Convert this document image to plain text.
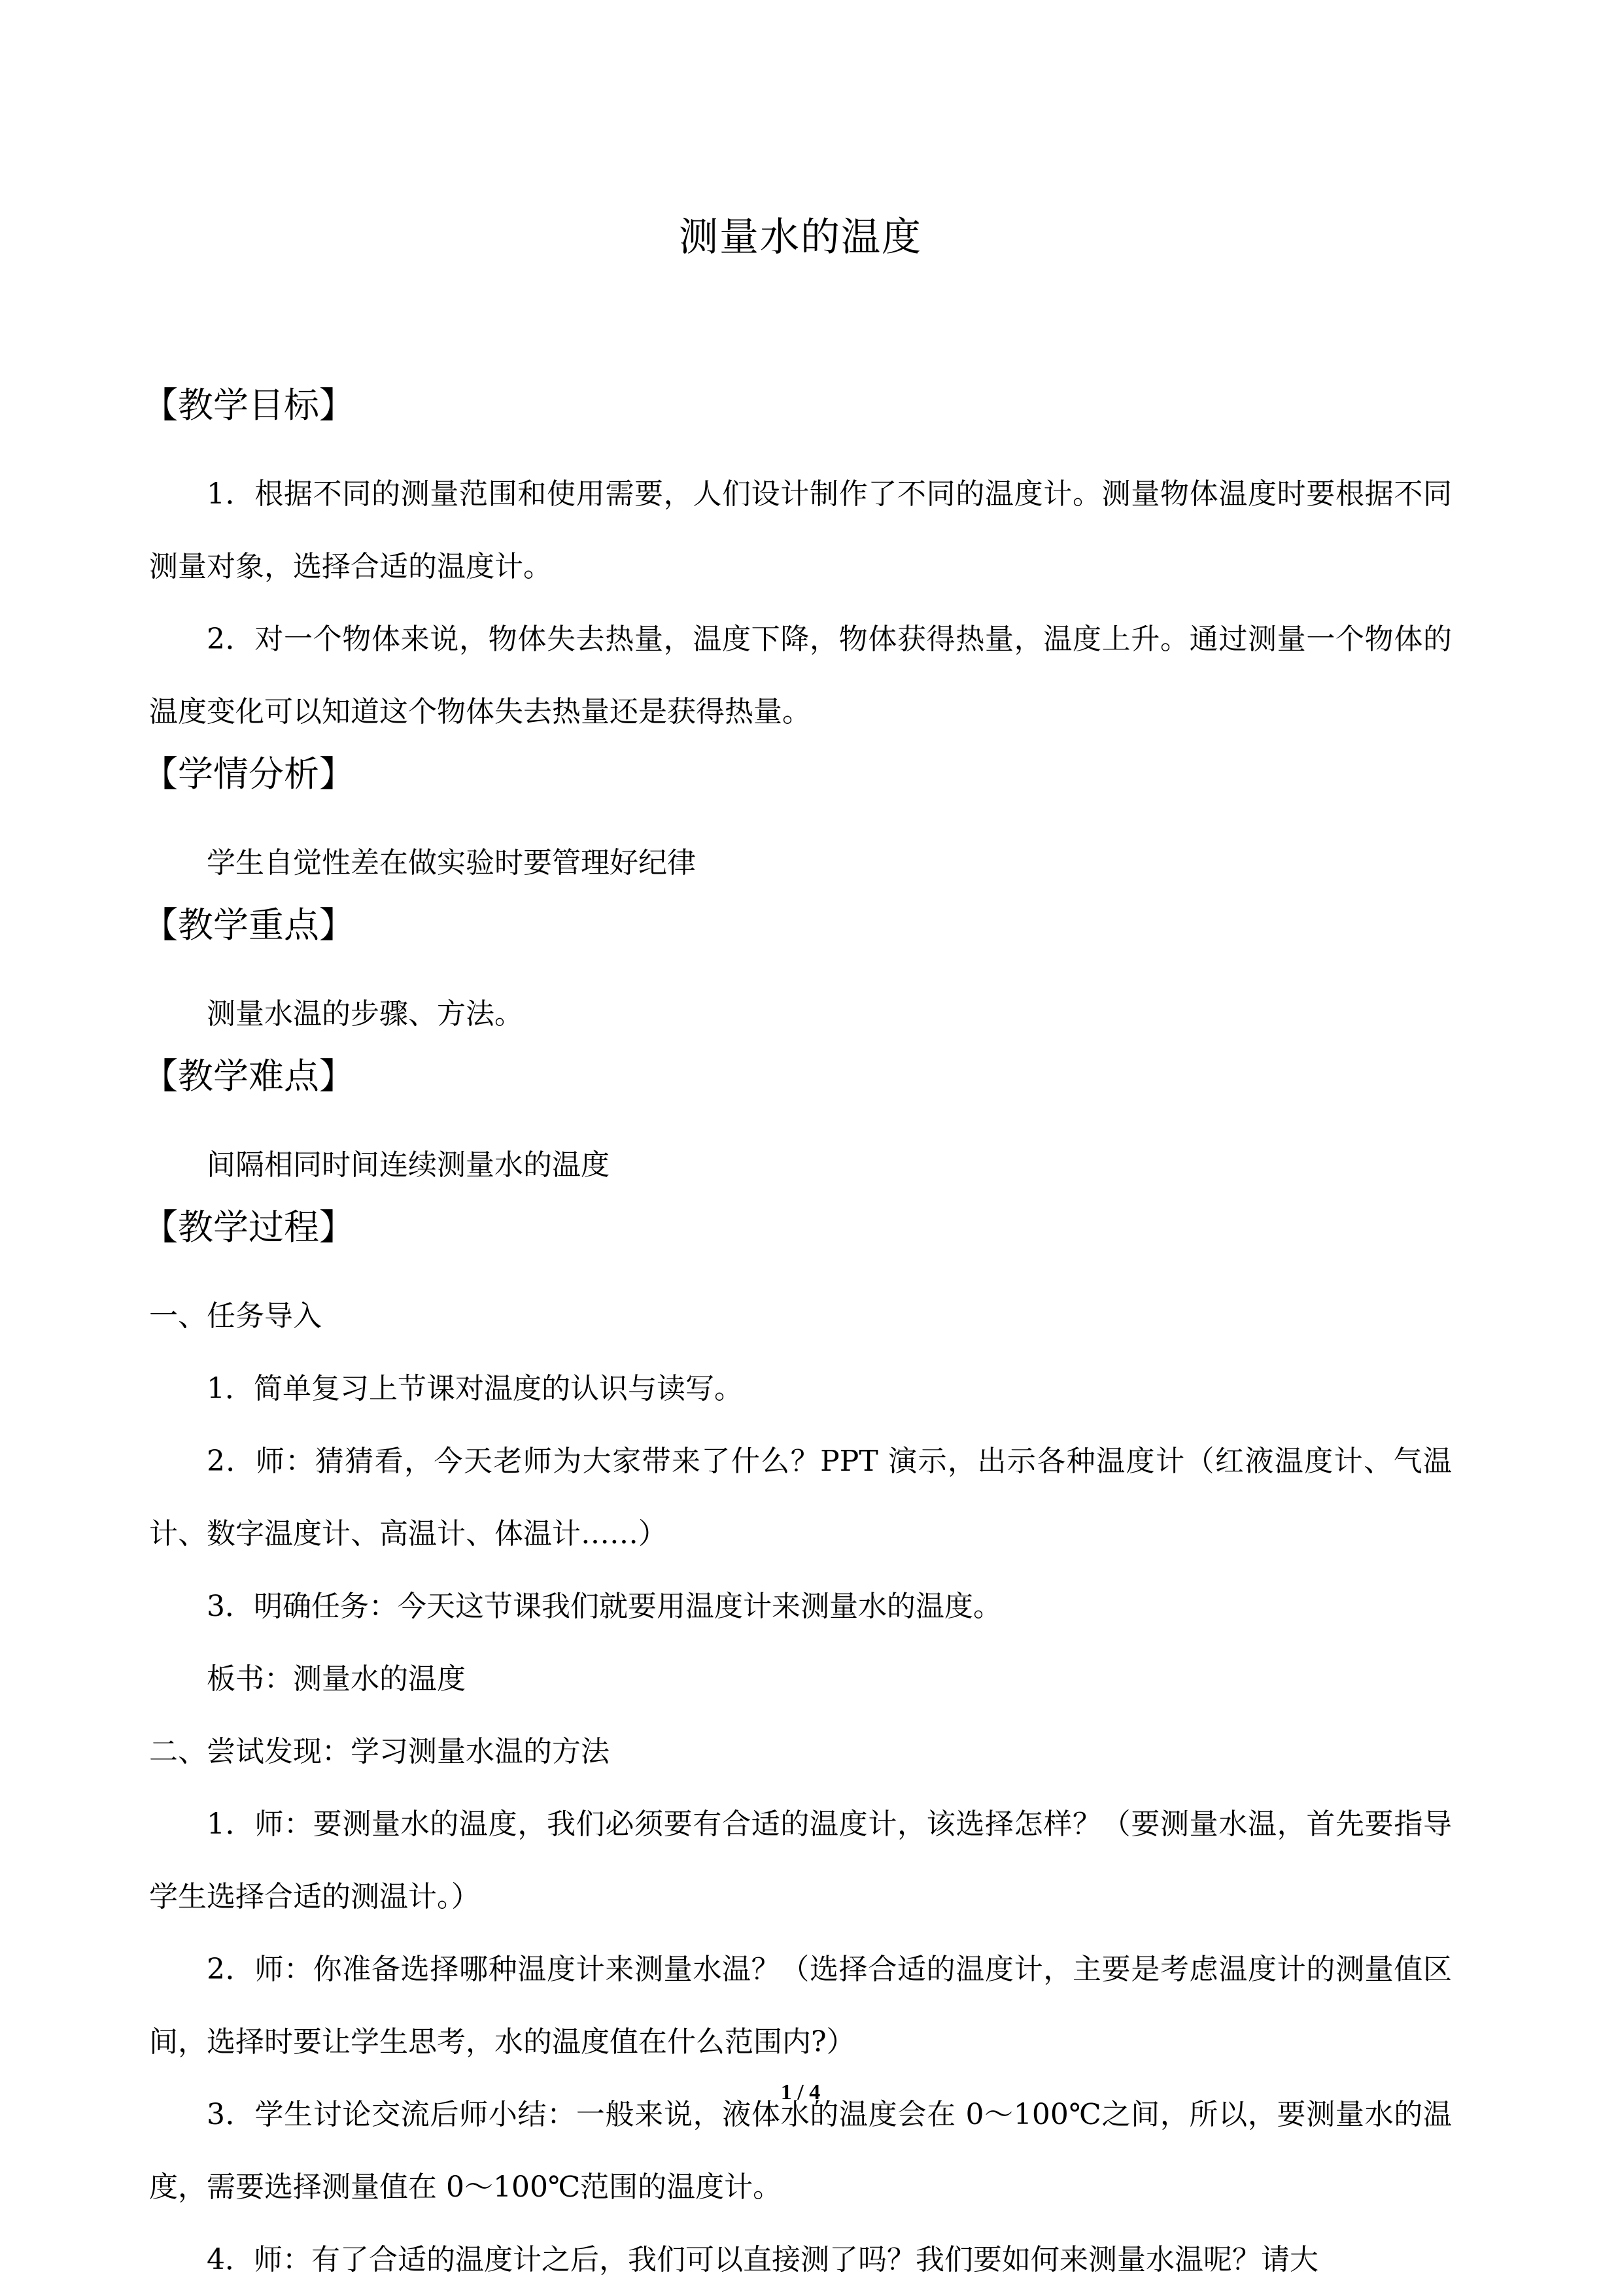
测量水的温度
【教学目标】
1．根据不同的测量范围和使用需要，人们设计制作了不同的温度计。测量物体温度时要根据不同测量对象，选择合适的温度计。
2．对一个物体来说，物体失去热量，温度下降，物体获得热量，温度上升。通过测量一个物体的温度变化可以知道这个物体失去热量还是获得热量。
【学情分析】
学生自觉性差在做实验时要管理好纪律
【教学重点】
测量水温的步骤、方法。
【教学难点】
间隔相同时间连续测量水的温度
【教学过程】
一、任务导入
1．简单复习上节课对温度的认识与读写。
2．师：猜猜看，今天老师为大家带来了什么？PPT 演示，出示各种温度计（红液温度计、气温计、数字温度计、高温计、体温计……）
3．明确任务：今天这节课我们就要用温度计来测量水的温度。
板书：测量水的温度
二、尝试发现：学习测量水温的方法
1．师：要测量水的温度，我们必须要有合适的温度计，该选择怎样？（要测量水温，首先要指导学生选择合适的测温计。）
2．师：你准备选择哪种温度计来测量水温？（选择合适的温度计，主要是考虑温度计的测量值区间，选择时要让学生思考，水的温度值在什么范围内?）
3．学生讨论交流后师小结：一般来说，液体水的温度会在 0～100℃之间，所以，要测量水的温度，需要选择测量值在 0～100℃范围的温度计。
4．师：有了合适的温度计之后，我们可以直接测了吗？我们要如何来测量水温呢？请大
1 / 4
